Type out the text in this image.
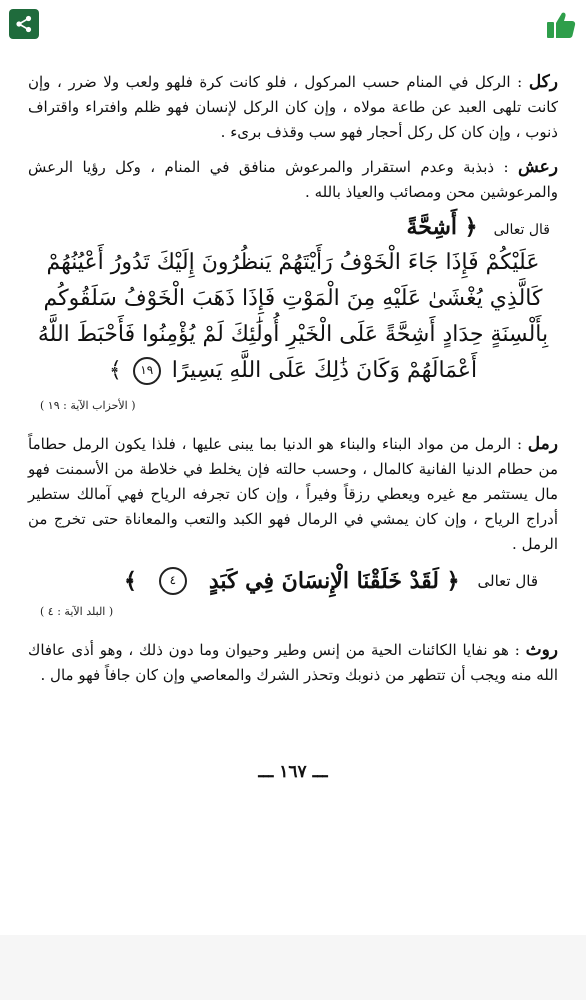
ركل : الركل في المنام حسب المركول ، فلو كانت كرة فلهو ولعب ولا ضرر ، وإن كانت تلهى العبد عن طاعة مولاه ، وإن كان الركل لإنسان فهو ظلم وافتراء واقتراف ذنوب ، وإن كان كل ركل أحجار فهو سب وقذف برىء .

رعش : ذبذبة وعدم استقرار والمرعوش منافق في المنام ، وكل رؤيا الرعش والمرعوشين محن ومصائب والعياذ بالله .

قال تعالى
﴿ أَشِحَّةً
عَلَيْكُمْ فَإِذَا جَاءَ الْخَوْفُ رَأَيْتَهُمْ يَنظُرُونَ إِلَيْكَ تَدُورُ أَعْيُنُهُمْ كَالَّذِي يُغْشَىٰ عَلَيْهِ مِنَ الْمَوْتِ فَإِذَا ذَهَبَ الْخَوْفُ سَلَقُوكُم بِأَلْسِنَةٍ حِدَادٍ أَشِحَّةً عَلَى الْخَيْرِ أُولَٰئِكَ لَمْ يُؤْمِنُوا فَأَحْبَطَ اللَّهُ أَعْمَالَهُمْ وَكَانَ ذَٰلِكَ عَلَى اللَّهِ يَسِيرًا ١٩ ﴾
( الأحزاب الآية : ١٩ )

رمل : الرمل من مواد البناء والبناء هو الدنيا بما يبنى عليها ، فلذا يكون الرمل حطاماً من حطام الدنيا الفانية كالمال ، وحسب حالته فإن يخلط في خلاطة من الأسمنت فهو مال يستثمر مع غيره ويعطي رزقاً وفيراً ، وإن كان تجرفه الرياح فهي آمالك ستطير أدراج الرياح ، وإن كان يمشي في الرمال فهو الكبد والتعب والمعاناة حتى تخرج من الرمل .

قال تعالى
﴿ لَقَدْ خَلَقْنَا الْإِنسَانَ فِي كَبَدٍ
٤
﴾
( البلد الآية : ٤ )

روث : هو نفايا الكائنات الحية من إنس وطير وحيوان وما دون ذلك ، وهو أذى عافاك الله منه ويجب أن تتطهر من ذنوبك وتحذر الشرك والمعاصي وإن كان جافاً فهو مال .

ـــ ١٦٧ ـــ
